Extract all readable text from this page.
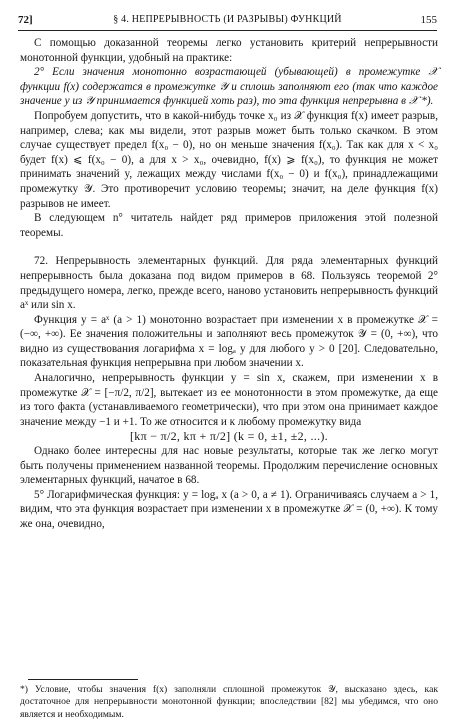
72]	§ 4. НЕПРЕРЫВНОСТЬ (И РАЗРЫВЫ) ФУНКЦИЙ	155

С помощью доказанной теоремы легко установить критерий непрерывности монотонной функции, удобный на практике:

2° Если значения монотонно возрастающей (убывающей) в промежутке 𝒳 функции f(x) содержатся в промежутке 𝒴 и сплошь заполняют его (так что каждое значение y из 𝒴 принимается функцией хоть раз), то эта функция непрерывна в 𝒳 *).

Попробуем допустить, что в какой-нибудь точке x₀ из 𝒳 функция f(x) имеет разрыв, например, слева; как мы видели, этот разрыв может быть только скачком. В этом случае существует предел f(x₀ − 0), но он меньше значения f(x₀). Так как для x < x₀ будет f(x) ⩽ f(x₀ − 0), а для x > x₀, очевидно, f(x) ⩾ f(x₀), то функция не может принимать значений y, лежащих между числами f(x₀ − 0) и f(x₀), принадлежащими промежутку 𝒴. Это противоречит условию теоремы; значит, на деле функция f(x) разрывов не имеет.

В следующем n° читатель найдет ряд примеров приложения этой полезной теоремы.

72. Непрерывность элементарных функций. Для ряда элементарных функций непрерывность была доказана под видом примеров в 68. Пользуясь теоремой 2° предыдущего номера, легко, прежде всего, наново установить непрерывность функций aˣ или sin x.

Функция y = aˣ (a > 1) монотонно возрастает при изменении x в промежутке 𝒳 = (−∞, +∞). Ее значения положительны и заполняют весь промежуток 𝒴 = (0, +∞), что видно из существования логарифма x = logₐ y для любого y > 0 [20]. Следовательно, показательная функция непрерывна при любом значении x.

Аналогично, непрерывность функции y = sin x, скажем, при изменении x в промежутке 𝒳 = [−π/2, π/2], вытекает из ее монотонности в этом промежутке, да еще из того факта (устанавливаемого геометрически), что при этом она принимает каждое значение между −1 и +1. То же относится и к любому промежутку вида

[kπ − π/2, kπ + π/2] (k = 0, ±1, ±2, ...).

Однако более интересны для нас новые результаты, которые так же легко могут быть получены применением названной теоремы. Продолжим перечисление основных элементарных функций, начатое в 68.

5° Логарифмическая функция: y = logₐ x (a > 0, a ≠ 1). Ограничиваясь случаем a > 1, видим, что эта функция возрастает при изменении x в промежутке 𝒳 = (0, +∞). К тому же она, очевидно,

*) Условие, чтобы значения f(x) заполняли сплошной промежуток 𝒴, высказано здесь, как достаточное для непрерывности монотонной функции; впоследствии [82] мы убедимся, что оно является и необходимым.
